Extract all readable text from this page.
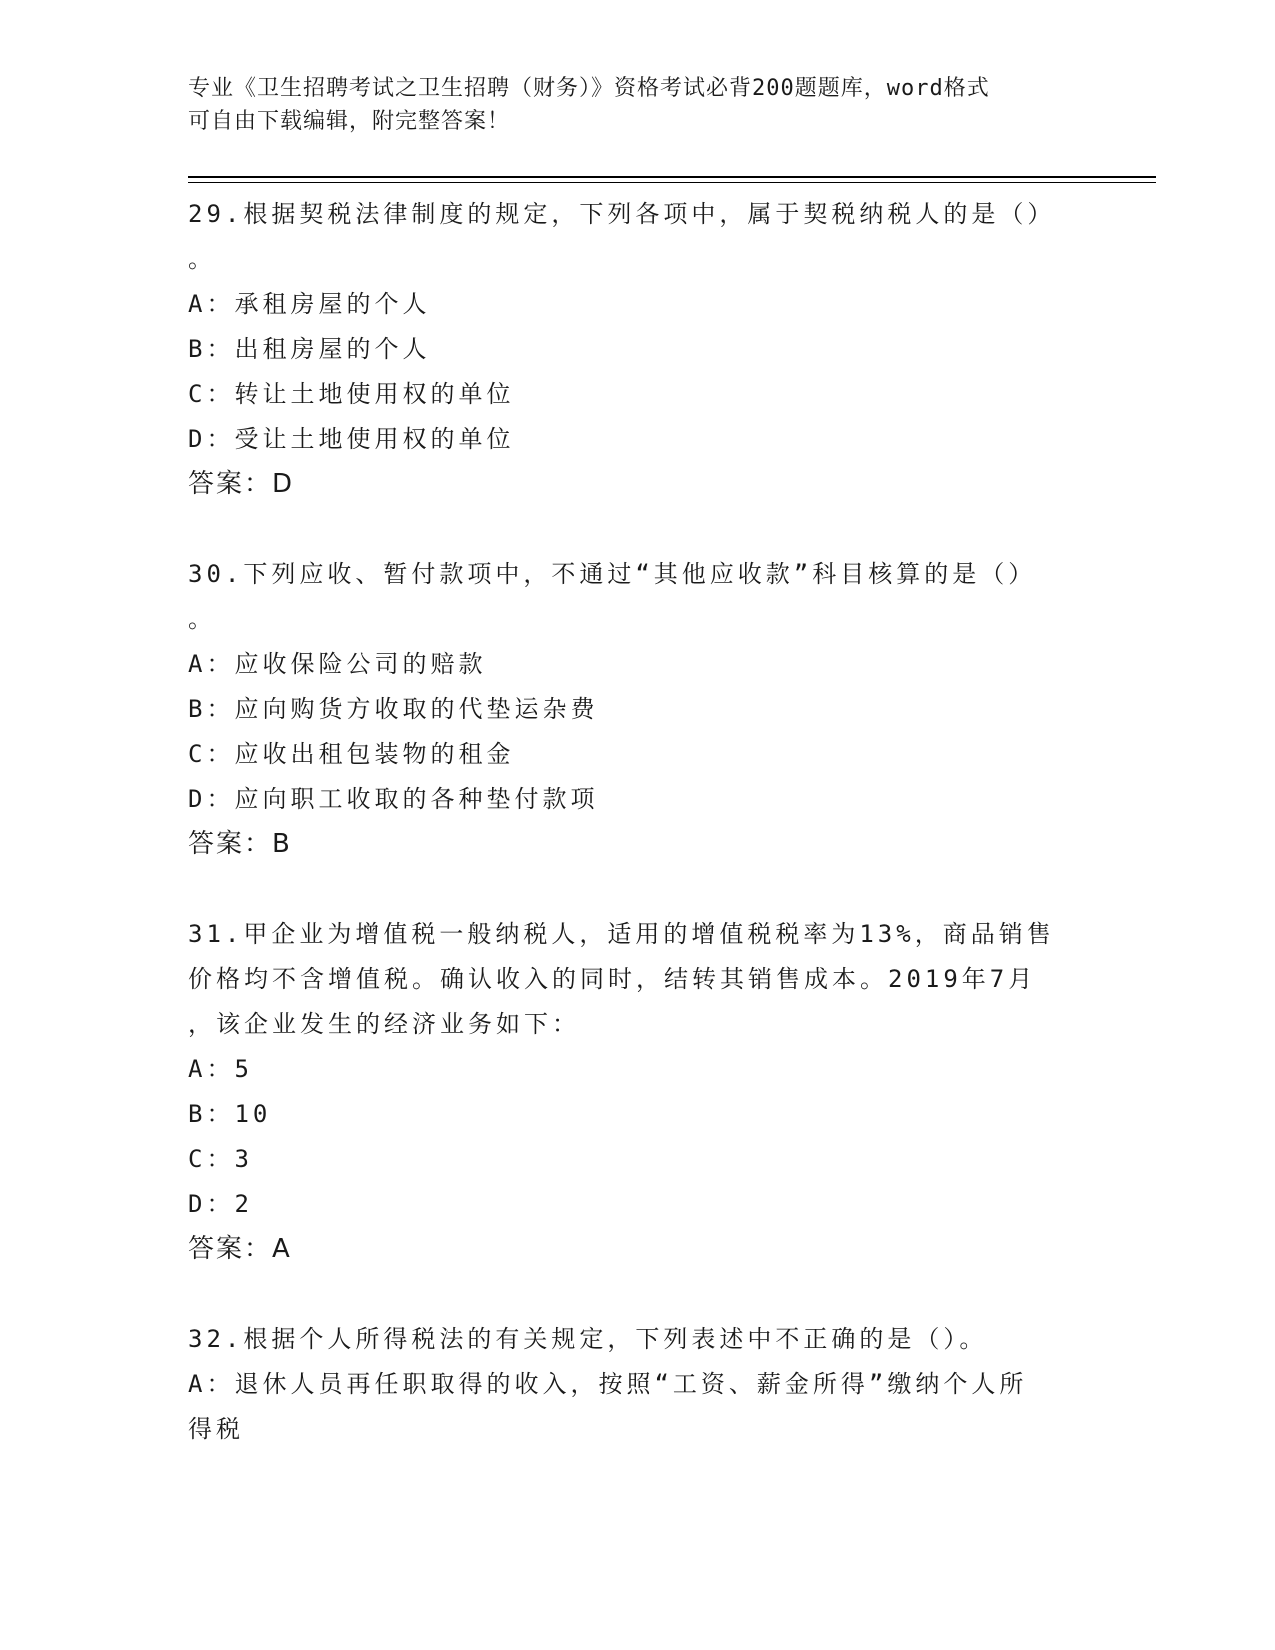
专业《卫生招聘考试之卫生招聘（财务）》资格考试必背200题题库，word格式
可自由下载编辑，附完整答案！
29.根据契税法律制度的规定，下列各项中，属于契税纳税人的是（）
。
A：承租房屋的个人
B：出租房屋的个人
C：转让土地使用权的单位
D：受让土地使用权的单位
答案：D
30.下列应收、暂付款项中，不通过“其他应收款”科目核算的是（）
。
A：应收保险公司的赔款
B：应向购货方收取的代垫运杂费
C：应收出租包装物的租金
D：应向职工收取的各种垫付款项
答案：B
31.甲企业为增值税一般纳税人，适用的增值税税率为13%，商品销售
价格均不含增值税。确认收入的同时，结转其销售成本。2019年7月
，该企业发生的经济业务如下：
A：5
B：10
C：3
D：2
答案：A
32.根据个人所得税法的有关规定，下列表述中不正确的是（）。
A：退休人员再任职取得的收入，按照“工资、薪金所得”缴纳个人所
得税
